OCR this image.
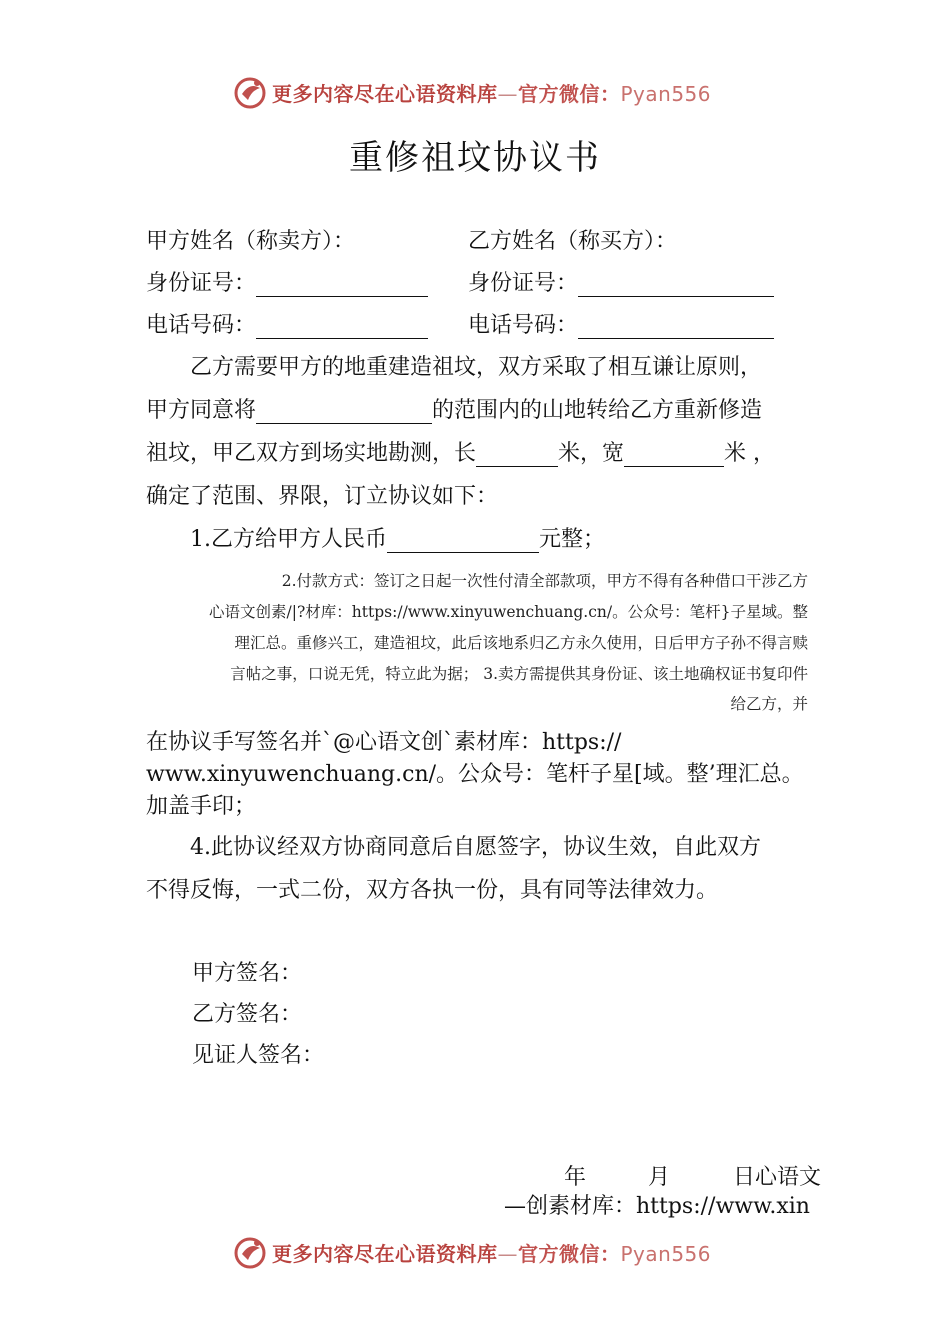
更多内容尽在心语资料库—官方微信：Pyan556
重修祖坟协议书
甲方姓名（称卖方）：	乙方姓名（称买方）：
身份证号：	身份证号：
电话号码：	电话号码：
乙方需要甲方的地重建造祖坟，双方采取了相互谦让原则，
甲方同意将	的范围内的山地转给乙方重新修造
祖坟，甲乙双方到场实地勘测，长	米，宽	米 ，
确定了范围、界限，订立协议如下：
1.乙方给甲方人民币	元整；
2.付款方式：签订之日起一次性付清全部款项，甲方不得有各种借口干涉乙方
心语文创素/|?材库：https://www.xinyuwenchuang.cn/。公众号：笔杆}子星域。整
理汇总。重修兴工，建造祖坟，此后该地系归乙方永久使用，日后甲方子孙不得言赎
言帖之事，口说无凭，特立此为据； 3.卖方需提供其身份证、该土地确权证书复印件
给乙方，并
在协议手写签名并`@心语文创`素材库：https://
www.xinyuwenchuang.cn/。公众号：笔杆子星[域。整’理汇总。
加盖手印；
4.此协议经双方协商同意后自愿签字，协议生效，自此双方
不得反悔，一式二份，双方各执一份，具有同等法律效力。
甲方签名：
乙方签名：
见证人签名：
年	月	日心语文
—创素材库：https://www.xin
更多内容尽在心语资料库—官方微信：Pyan556
